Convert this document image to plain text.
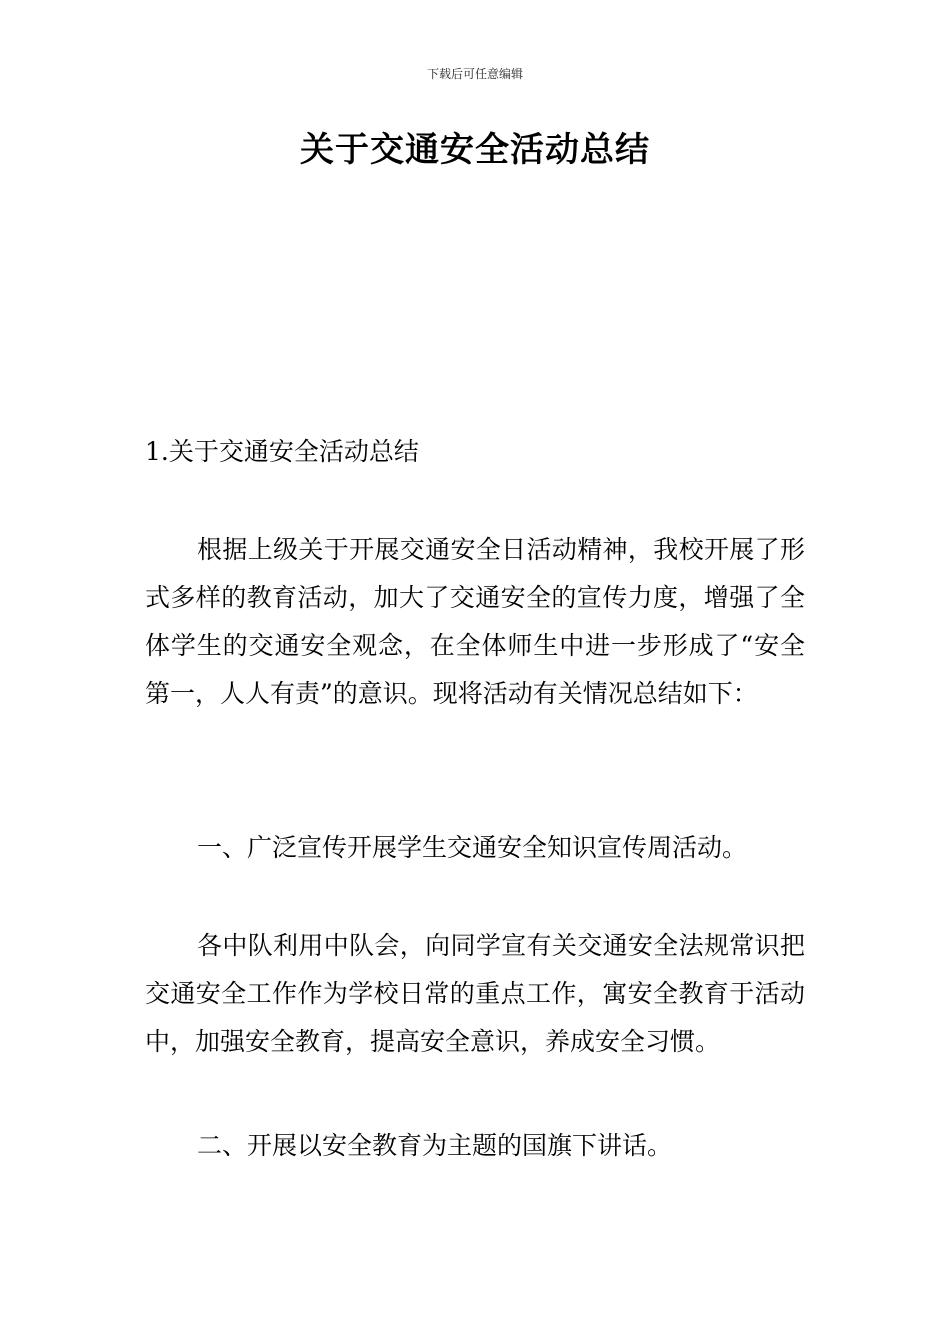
下载后可任意编辑
关于交通安全活动总结

1.关于交通安全活动总结

根据上级关于开展交通安全日活动精神，我校开展了形式多样的教育活动，加大了交通安全的宣传力度，增强了全体学生的交通安全观念，在全体师生中进一步形成了“安全第一，人人有责”的意识。现将活动有关情况总结如下：

一、广泛宣传开展学生交通安全知识宣传周活动。

各中队利用中队会，向同学宣有关交通安全法规常识把交通安全工作作为学校日常的重点工作，寓安全教育于活动中，加强安全教育，提高安全意识，养成安全习惯。

二、开展以安全教育为主题的国旗下讲话。
